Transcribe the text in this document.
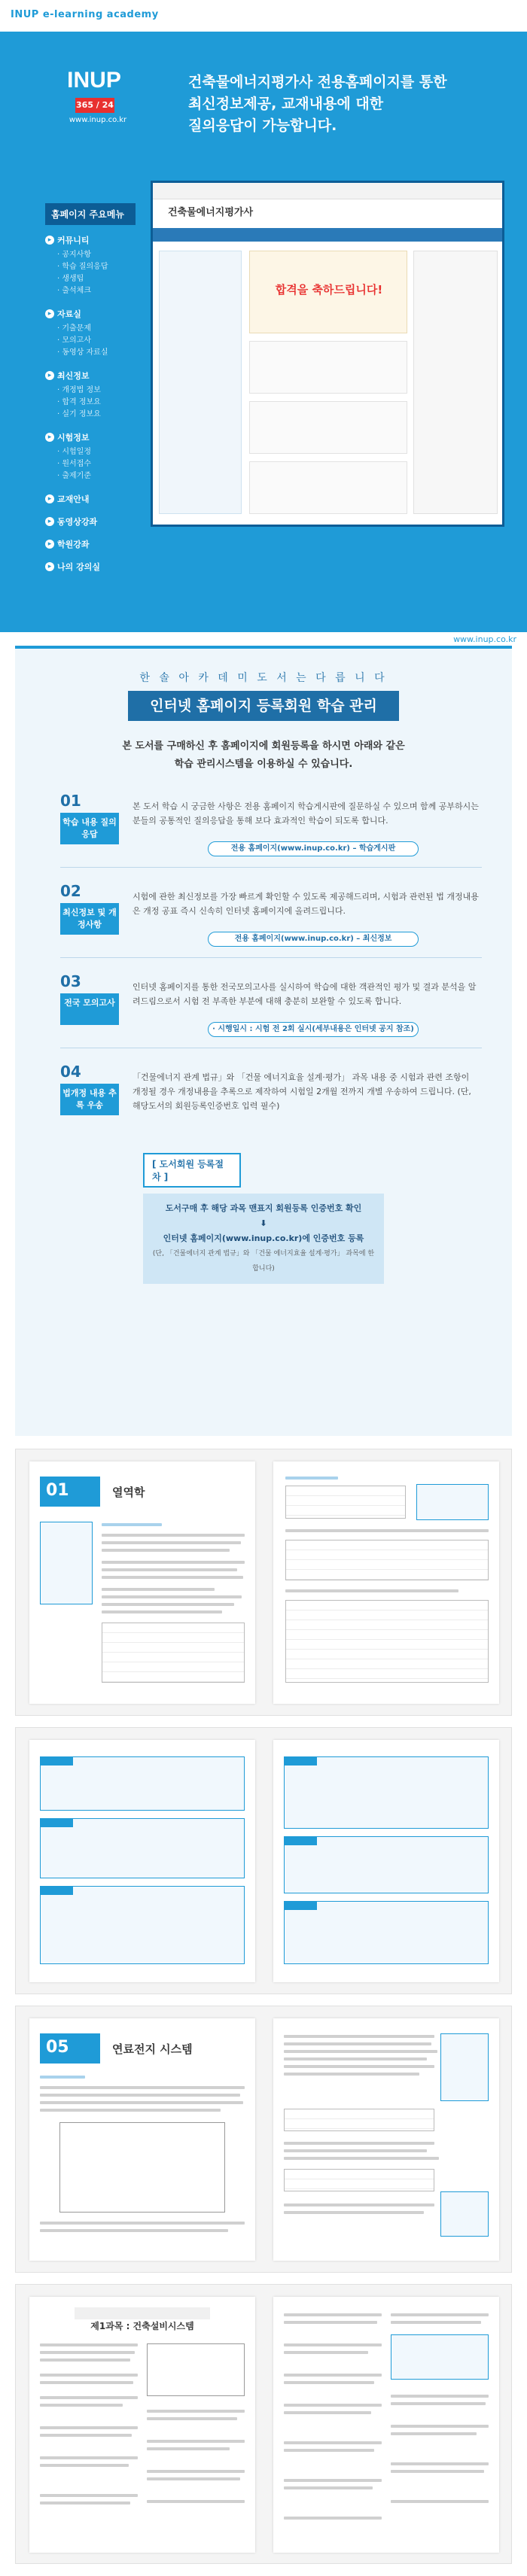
INUP e-learning academy
INUP
365 / 24
www.inup.co.kr
건축물에너지평가사 전용홈페이지를 통한
최신정보제공, 교재내용에 대한
질의응답이 가능합니다.
홈페이지 주요메뉴
▸ 커뮤니티
· 공지사항
· 학습 질의응답
· 생생팁
· 출석체크
▸ 자료실
· 기출문제
· 모의고사
· 동영상 자료실
▸ 최신정보
· 개정법 정보
· 합격 정보요
· 실기 정보요
▸ 시험정보
· 시험일정
· 원서접수
· 출제기준
▸ 교재안내
▸ 동영상강좌
▸ 학원강좌
▸ 나의 강의실
건축물에너지평가사
합격을 축하드립니다!
www.inup.co.kr
한 솔 아 카 데 미 도 서 는 다 릅 니 다
인터넷 홈페이지 등록회원 학습 관리
본 도서를 구매하신 후 홈페이지에 회원등록을 하시면 아래와 같은
학습 관리시스템을 이용하실 수 있습니다.
01
학습 내용 질의 응답
본 도서 학습 시 궁금한 사항은 전용 홈페이지 학습게시판에 질문하실 수 있으며 함께 공부하시는 분들의 공통적인 질의응답을 통해 보다 효과적인 학습이 되도록 합니다.
전용 홈페이지(www.inup.co.kr) – 학습게시판
02
최신정보 및 개정사항
시험에 관한 최신정보를 가장 빠르게 확인할 수 있도록 제공해드리며, 시험과 관련된 법 개정내용은 개정 공표 즉시 신속히 인터넷 홈페이지에 올려드립니다.
전용 홈페이지(www.inup.co.kr) – 최신정보
03
전국 모의고사
인터넷 홈페이지를 통한 전국모의고사를 실시하여 학습에 대한 객관적인 평가 및 결과 분석을 알려드림으로서 시험 전 부족한 부분에 대해 충분히 보완할 수 있도록 합니다.
· 시행일시 : 시험 전 2회 실시(세부내용은 인터넷 공지 참조)
04
법개정 내용 추록 우송
「건물에너지 관계 법규」와 「건물 에너지효율 설계·평가」 과목 내용 중 시험과 관련 조항이 개정될 경우 개정내용을 추록으로 제작하여 시험일 2개월 전까지 개별 우송하여 드립니다. (단, 해당도서의 회원등록인증번호 입력 필수)
[ 도서회원 등록절차 ]
도서구매 후 해당 과목 맨표지 회원등록 인증번호 확인
⬇
인터넷 홈페이지(www.inup.co.kr)에 인증번호 등록
(단, 「건물에너지 관계 법규」와 「건물 에너지효율 설계·평가」 과목에 한합니다)
01	열역학
05	연료전지 시스템
제1과목 : 건축설비시스템
